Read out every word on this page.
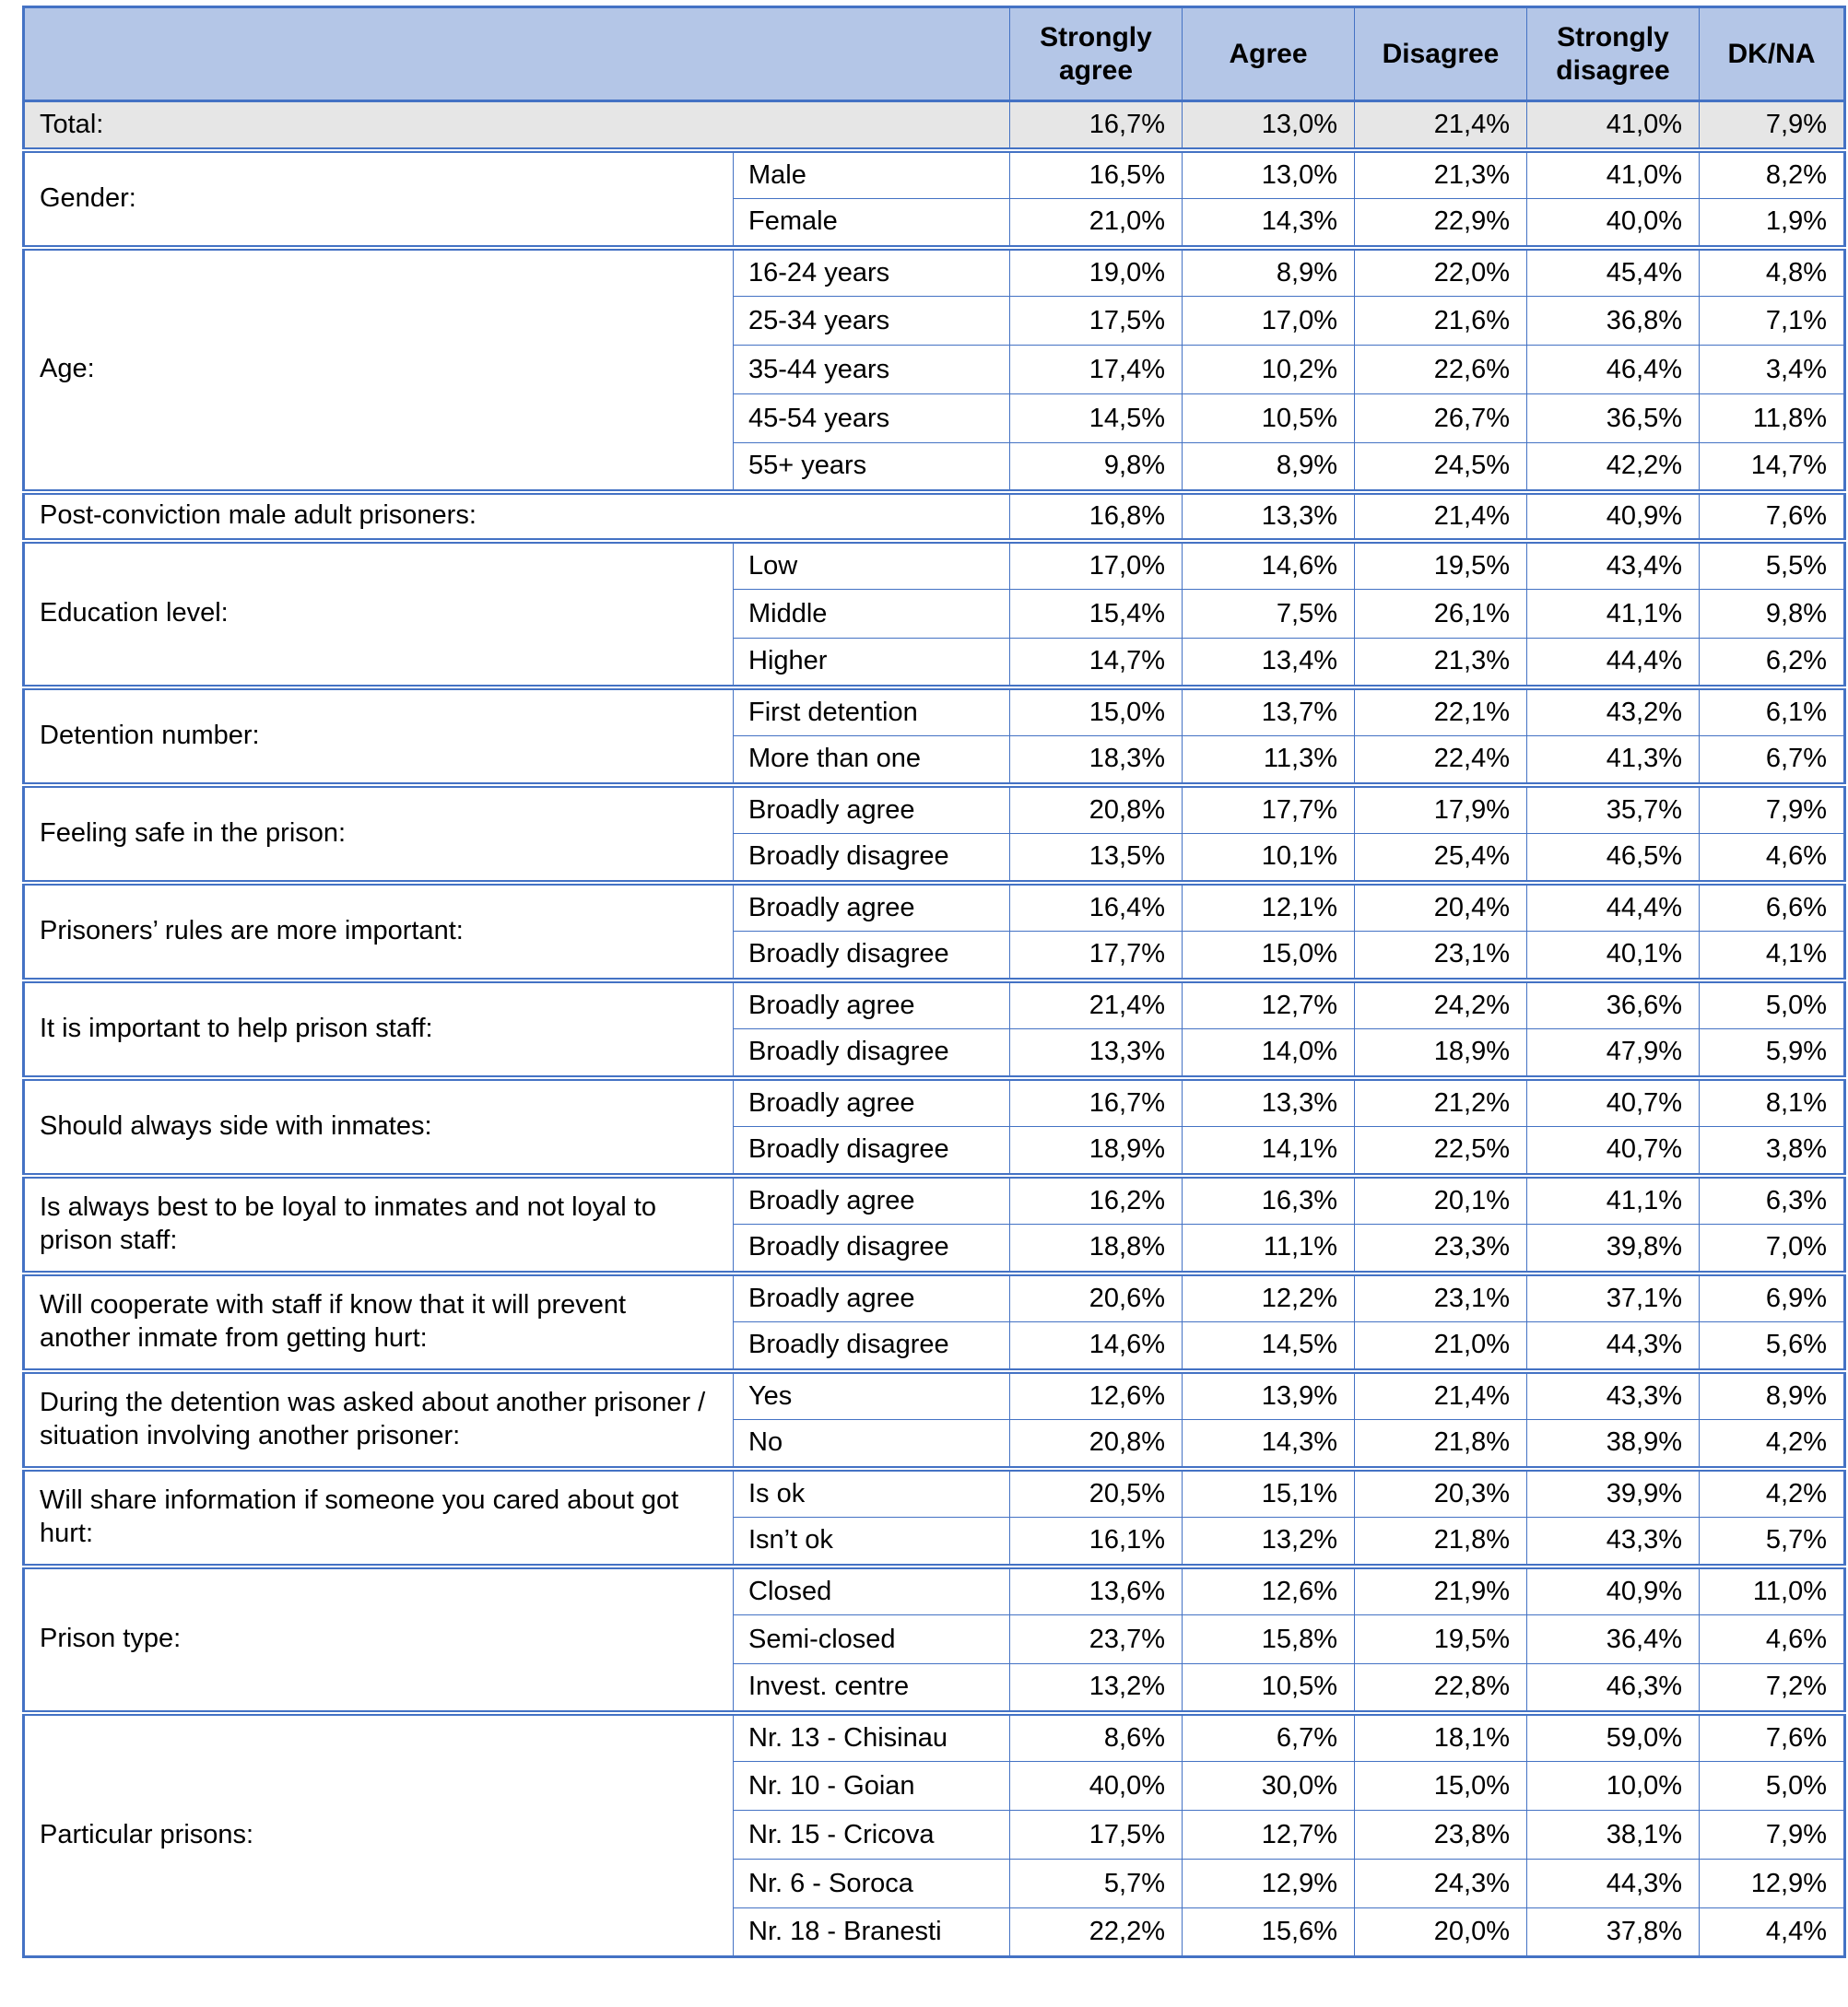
		Strongly agree	Agree	Disagree	Strongly disagree	DK/NA
Total:		16,7%	13,0%	21,4%	41,0%	7,9%
Gender:	Male	16,5%	13,0%	21,3%	41,0%	8,2%
	Female	21,0%	14,3%	22,9%	40,0%	1,9%
Age:	16-24 years	19,0%	8,9%	22,0%	45,4%	4,8%
	25-34 years	17,5%	17,0%	21,6%	36,8%	7,1%
	35-44 years	17,4%	10,2%	22,6%	46,4%	3,4%
	45-54 years	14,5%	10,5%	26,7%	36,5%	11,8%
	55+ years	9,8%	8,9%	24,5%	42,2%	14,7%
Post-conviction male adult prisoners:		16,8%	13,3%	21,4%	40,9%	7,6%
Education level:	Low	17,0%	14,6%	19,5%	43,4%	5,5%
	Middle	15,4%	7,5%	26,1%	41,1%	9,8%
	Higher	14,7%	13,4%	21,3%	44,4%	6,2%
Detention number:	First detention	15,0%	13,7%	22,1%	43,2%	6,1%
	More than one	18,3%	11,3%	22,4%	41,3%	6,7%
Feeling safe in the prison:	Broadly agree	20,8%	17,7%	17,9%	35,7%	7,9%
	Broadly disagree	13,5%	10,1%	25,4%	46,5%	4,6%
Prisoners’ rules are more important:	Broadly agree	16,4%	12,1%	20,4%	44,4%	6,6%
	Broadly disagree	17,7%	15,0%	23,1%	40,1%	4,1%
It is important to help prison staff:	Broadly agree	21,4%	12,7%	24,2%	36,6%	5,0%
	Broadly disagree	13,3%	14,0%	18,9%	47,9%	5,9%
Should always side with inmates:	Broadly agree	16,7%	13,3%	21,2%	40,7%	8,1%
	Broadly disagree	18,9%	14,1%	22,5%	40,7%	3,8%
Is always best to be loyal to inmates and not loyal to prison staff:	Broadly agree	16,2%	16,3%	20,1%	41,1%	6,3%
	Broadly disagree	18,8%	11,1%	23,3%	39,8%	7,0%
Will cooperate with staff if know that it will prevent another inmate from getting hurt:	Broadly agree	20,6%	12,2%	23,1%	37,1%	6,9%
	Broadly disagree	14,6%	14,5%	21,0%	44,3%	5,6%
During the detention was asked about another prisoner / situation involving another prisoner:	Yes	12,6%	13,9%	21,4%	43,3%	8,9%
	No	20,8%	14,3%	21,8%	38,9%	4,2%
Will share information if someone you cared about got hurt:	Is ok	20,5%	15,1%	20,3%	39,9%	4,2%
	Isn’t ok	16,1%	13,2%	21,8%	43,3%	5,7%
Prison type:	Closed	13,6%	12,6%	21,9%	40,9%	11,0%
	Semi-closed	23,7%	15,8%	19,5%	36,4%	4,6%
	Invest. centre	13,2%	10,5%	22,8%	46,3%	7,2%
Particular prisons:	Nr. 13 - Chisinau	8,6%	6,7%	18,1%	59,0%	7,6%
	Nr. 10 - Goian	40,0%	30,0%	15,0%	10,0%	5,0%
	Nr. 15 - Cricova	17,5%	12,7%	23,8%	38,1%	7,9%
	Nr. 6 - Soroca	5,7%	12,9%	24,3%	44,3%	12,9%
	Nr. 18 - Branesti	22,2%	15,6%	20,0%	37,8%	4,4%
